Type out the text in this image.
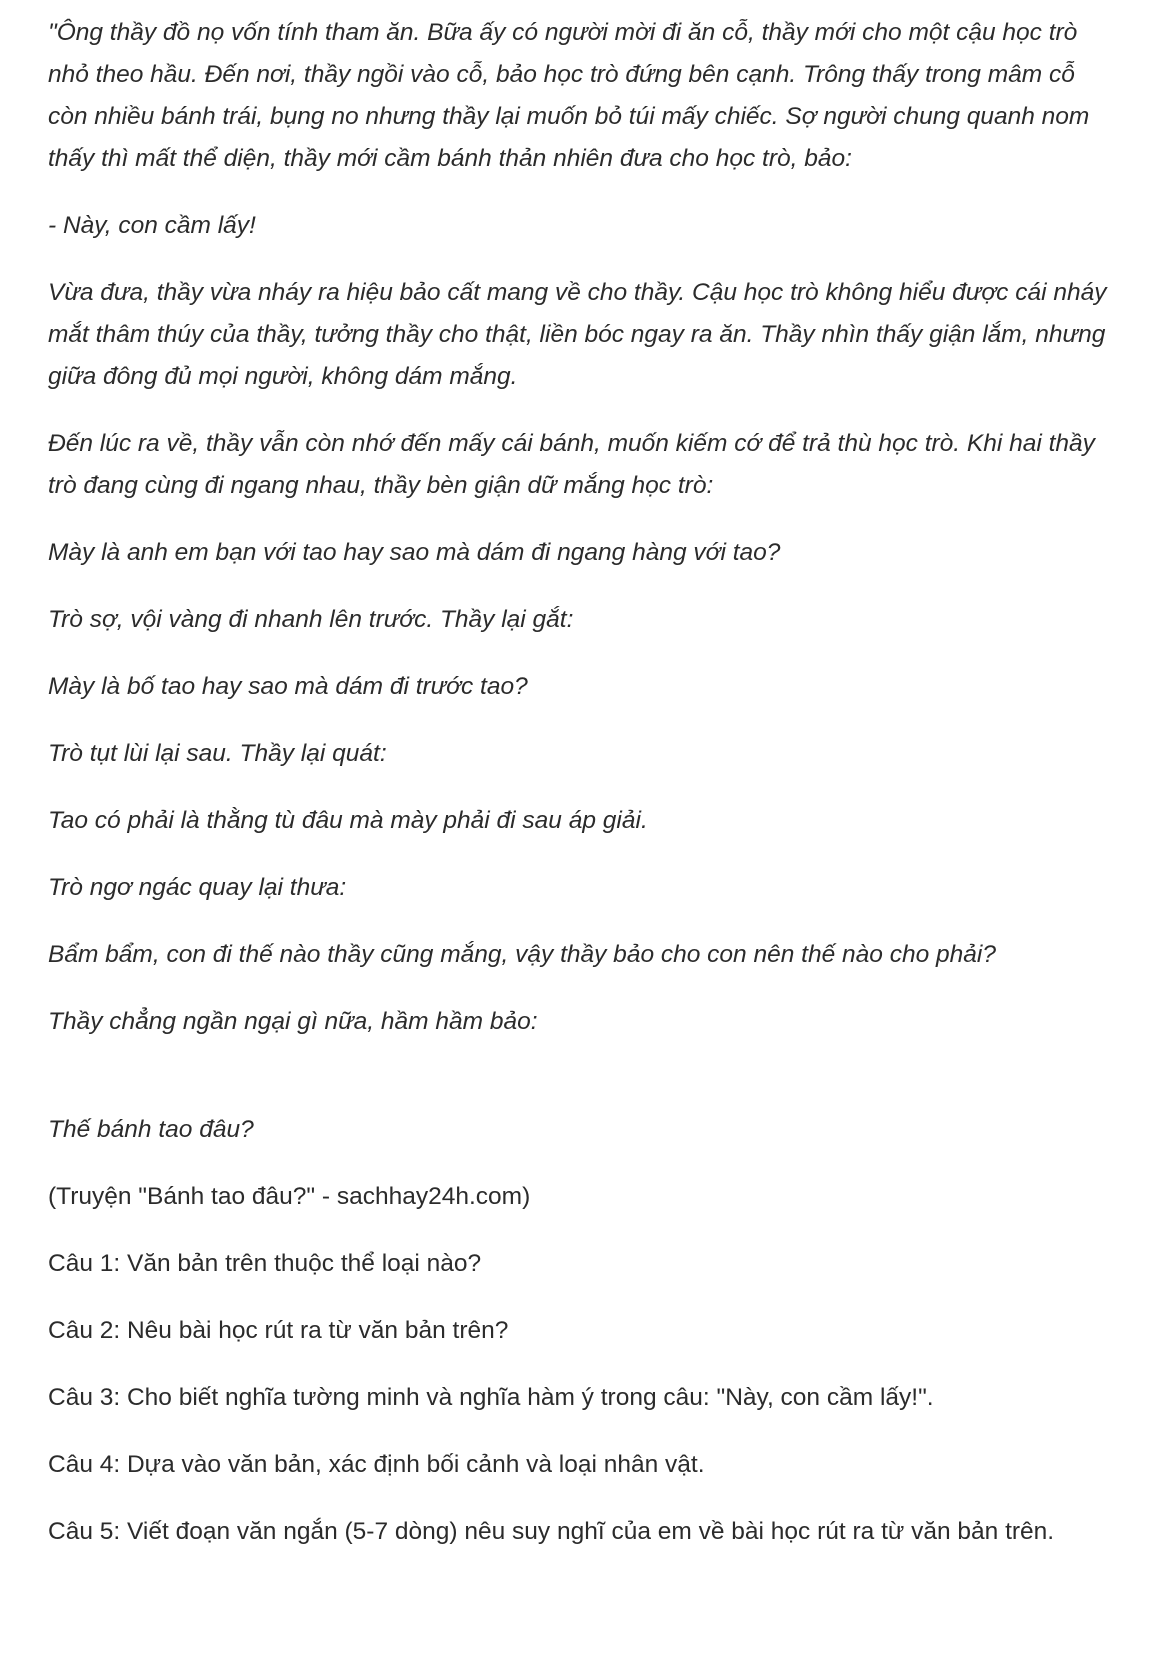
"Ông thầy đồ nọ vốn tính tham ăn. Bữa ấy có người mời đi ăn cỗ, thầy mới cho một cậu học trò
nhỏ theo hầu. Đến nơi, thầy ngồi vào cỗ, bảo học trò đứng bên cạnh. Trông thấy trong mâm cỗ
còn nhiều bánh trái, bụng no nhưng thầy lại muốn bỏ túi mấy chiếc. Sợ người chung quanh nom
thấy thì mất thể diện, thầy mới cầm bánh thản nhiên đưa cho học trò, bảo:
- Này, con cầm lấy!
Vừa đưa, thầy vừa nháy ra hiệu bảo cất mang về cho thầy. Cậu học trò không hiểu được cái nháy
mắt thâm thúy của thầy, tưởng thầy cho thật, liền bóc ngay ra ăn. Thầy nhìn thấy giận lắm, nhưng
giữa đông đủ mọi người, không dám mắng.
Đến lúc ra về, thầy vẫn còn nhớ đến mấy cái bánh, muốn kiếm cớ để trả thù học trò. Khi hai thầy
trò đang cùng đi ngang nhau, thầy bèn giận dữ mắng học trò:
Mày là anh em bạn với tao hay sao mà dám đi ngang hàng với tao?
Trò sợ, vội vàng đi nhanh lên trước. Thầy lại gắt:
Mày là bố tao hay sao mà dám đi trước tao?
Trò tụt lùi lại sau. Thầy lại quát:
Tao có phải là thằng tù đâu mà mày phải đi sau áp giải.
Trò ngơ ngác quay lại thưa:
Bẩm bẩm, con đi thế nào thầy cũng mắng, vậy thầy bảo cho con nên thế nào cho phải?
Thầy chẳng ngần ngại gì nữa, hầm hầm bảo:
Thế bánh tao đâu?
(Truyện "Bánh tao đâu?" - sachhay24h.com)
Câu 1: Văn bản trên thuộc thể loại nào?
Câu 2: Nêu bài học rút ra từ văn bản trên?
Câu 3: Cho biết nghĩa tường minh và nghĩa hàm ý trong câu: "Này, con cầm lấy!".
Câu 4: Dựa vào văn bản, xác định bối cảnh và loại nhân vật.
Câu 5: Viết đoạn văn ngắn (5-7 dòng) nêu suy nghĩ của em về bài học rút ra từ văn bản trên.
